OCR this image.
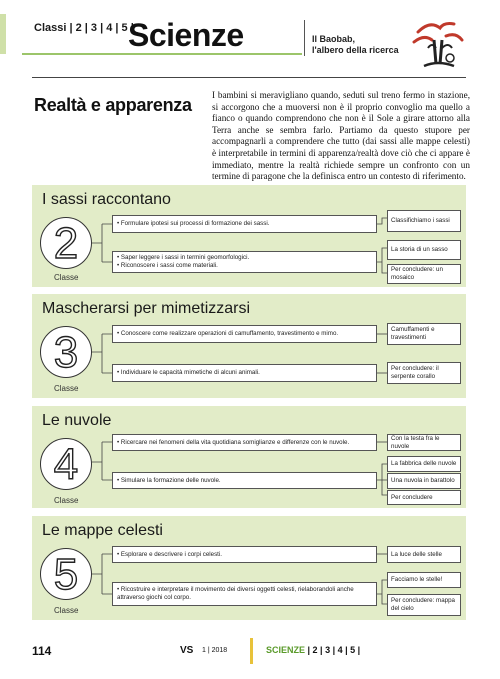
Classi | 2 | 3 | 4 | 5 |
Scienze	Il Baobab,
l'albero della ricerca
Realtà e apparenza I bambini si meravigliano quando, seduti sul treno fermo in stazione, si accorgono che a muoversi non è il proprio convoglio ma quello a fianco o quando comprendono che non è il Sole a girare attorno alla Terra anche se sembra farlo. Partiamo da questo stupore per accompagnarli a comprendere che tutto (dai sassi alle mappe celesti) è interpretabile in termini di apparenza/realtà dove ciò che ci appare è immediato, mentre la realtà richiede sempre un confronto con un termine di paragone che la definisca entro un contesto di riferimento.
I sassi raccontano
2
Classe
• Formulare ipotesi sui processi di formazione dei sassi.
• Saper leggere i sassi in termini geomorfologici.
• Riconoscere i sassi come materiali.
Classifichiamo i sassi
La storia di un sasso
Per concludere: un mosaico
Mascherarsi per mimetizzarsi
3
Classe
• Conoscere come realizzare operazioni di camuffamento, travestimento e mimo.
• Individuare le capacità mimetiche di alcuni animali.
Camuffamenti e travestimenti
Per concludere: il serpente corallo
Le nuvole
4
Classe
• Ricercare nei fenomeni della vita quotidiana somiglianze e differenze con le nuvole.
• Simulare la formazione delle nuvole.
Con la testa fra le nuvole
La fabbrica delle nuvole
Una nuvola in barattolo
Per concludere
Le mappe celesti
5
Classe
• Esplorare e descrivere i corpi celesti.
• Ricostruire e interpretare il movimento dei diversi oggetti celesti, rielaborandoli anche attraverso giochi col corpo.
La luce delle stelle
Facciamo le stelle!
Per concludere: mappa del cielo
114	VS 1 | 2018	SCIENZE | 2 | 3 | 4 | 5 |
